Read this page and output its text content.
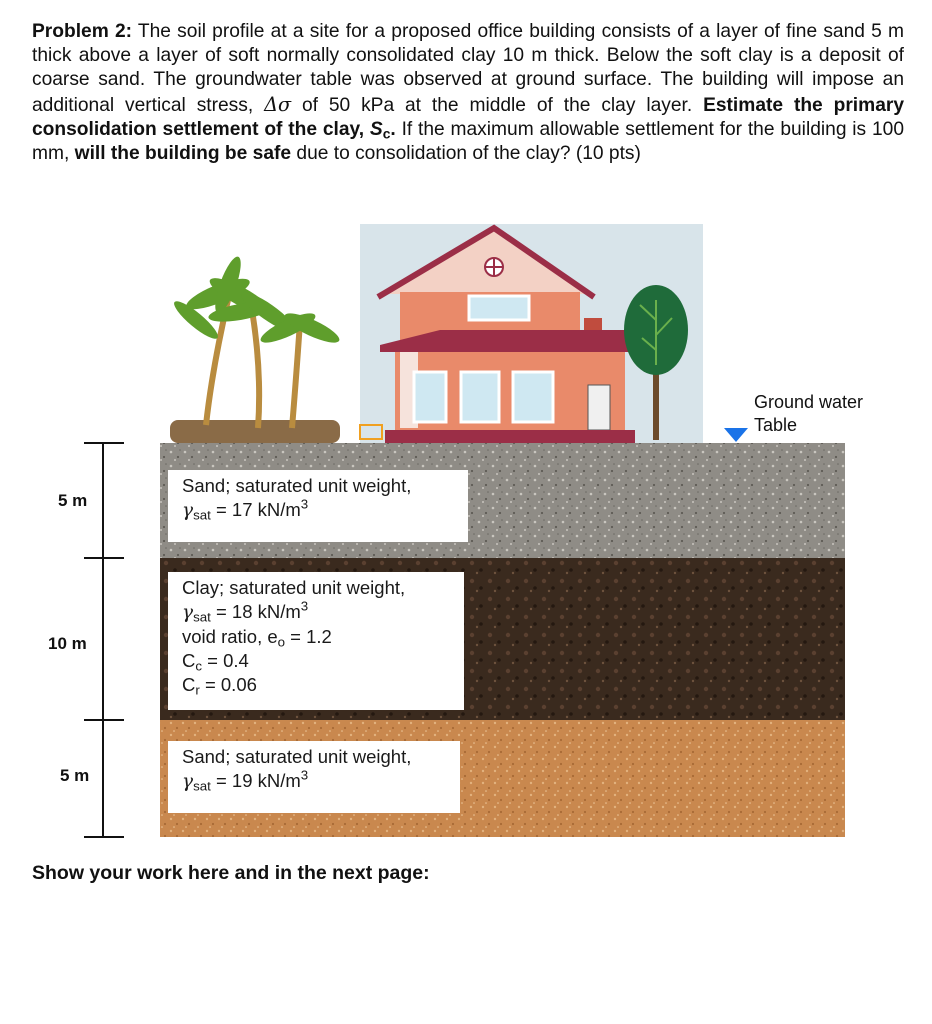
Problem 2: The soil profile at a site for a proposed office building consists of a layer of fine sand 5 m thick above a layer of soft normally consolidated clay 10 m thick. Below the soft clay is a deposit of coarse sand. The groundwater table was observed at ground surface. The building will impose an additional vertical stress, Δσ of 50 kPa at the middle of the clay layer. Estimate the primary consolidation settlement of the clay, $S_c$. If the maximum allowable settlement for the building is 100 mm, will the building be safe due to consolidation of the clay? (10 pts)
5 m
10 m
5 m
Ground water
Table
Sand; saturated unit weight,
$\gamma_{sat} = 17$ $kN/m^3$
Clay; saturated unit weight,
$\gamma_{sat} = 18$ $kN/m^3$
void ratio, $e_o = 1.2$
$C_c = 0.4$
$C_r = 0.06$
Sand; saturated unit weight,
$\gamma_{sat} = 19$ $kN/m^3$
Show your work here and in the next page:
